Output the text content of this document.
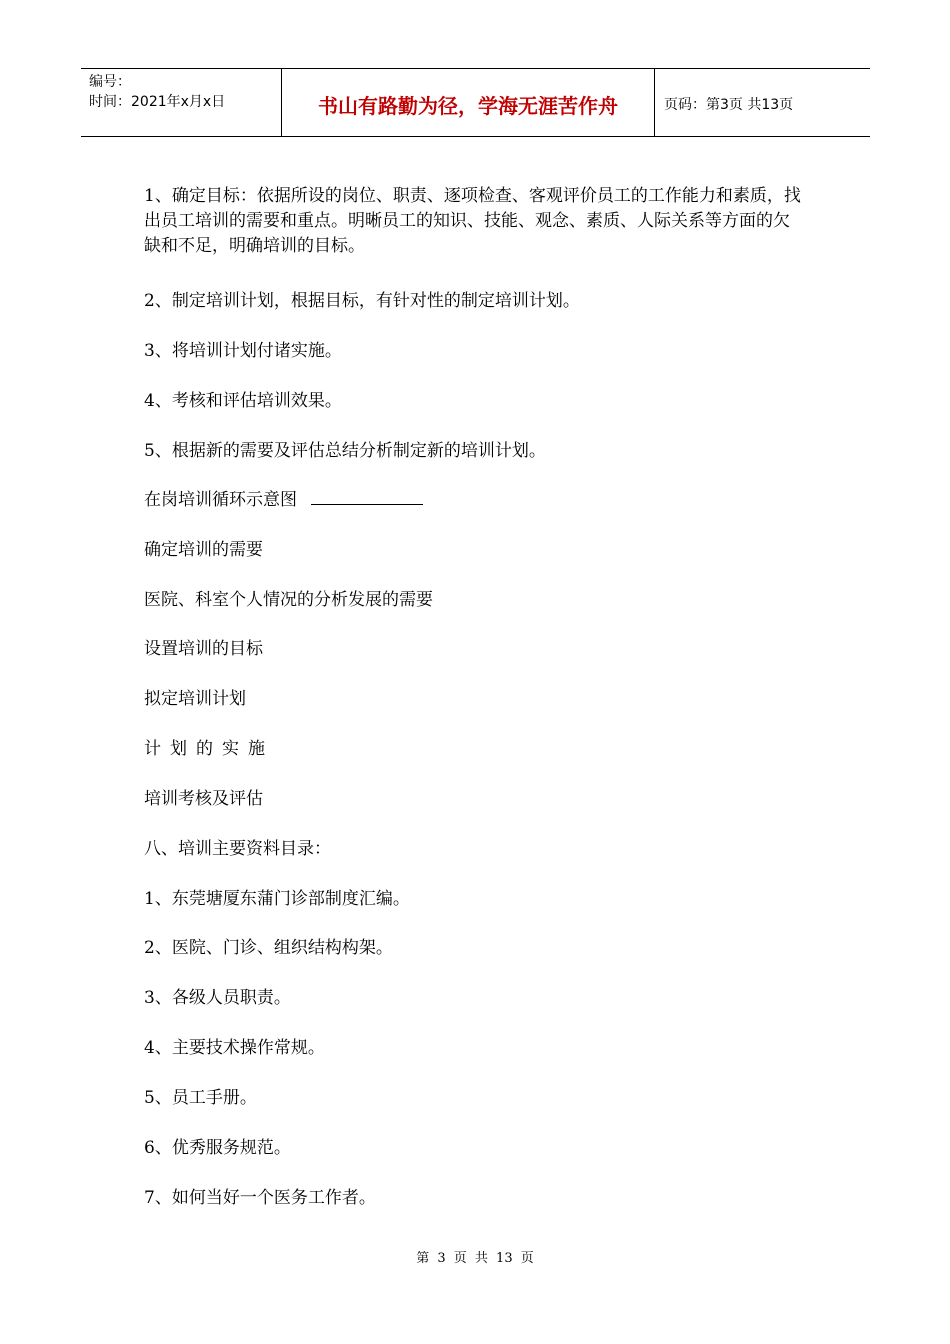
编号：
时间：2021年x月x日	书山有路勤为径，学海无涯苦作舟	页码：第3页 共13页
1、确定目标：依据所设的岗位、职责、逐项检查、客观评价员工的工作能力和素质，找出员工培训的需要和重点。明晰员工的知识、技能、观念、素质、人际关系等方面的欠缺和不足，明确培训的目标。
2、制定培训计划，根据目标，有针对性的制定培训计划。
3、将培训计划付诸实施。
4、考核和评估培训效果。
5、根据新的需要及评估总结分析制定新的培训计划。
在岗培训循环示意图
确定培训的需要
医院、科室个人情况的分析发展的需要
设置培训的目标
拟定培训计划
计划的实施
培训考核及评估
八、培训主要资料目录：
1、东莞塘厦东蒲门诊部制度汇编。
2、医院、门诊、组织结构构架。
3、各级人员职责。
4、主要技术操作常规。
5、员工手册。
6、优秀服务规范。
7、如何当好一个医务工作者。
第 3 页 共 13 页
